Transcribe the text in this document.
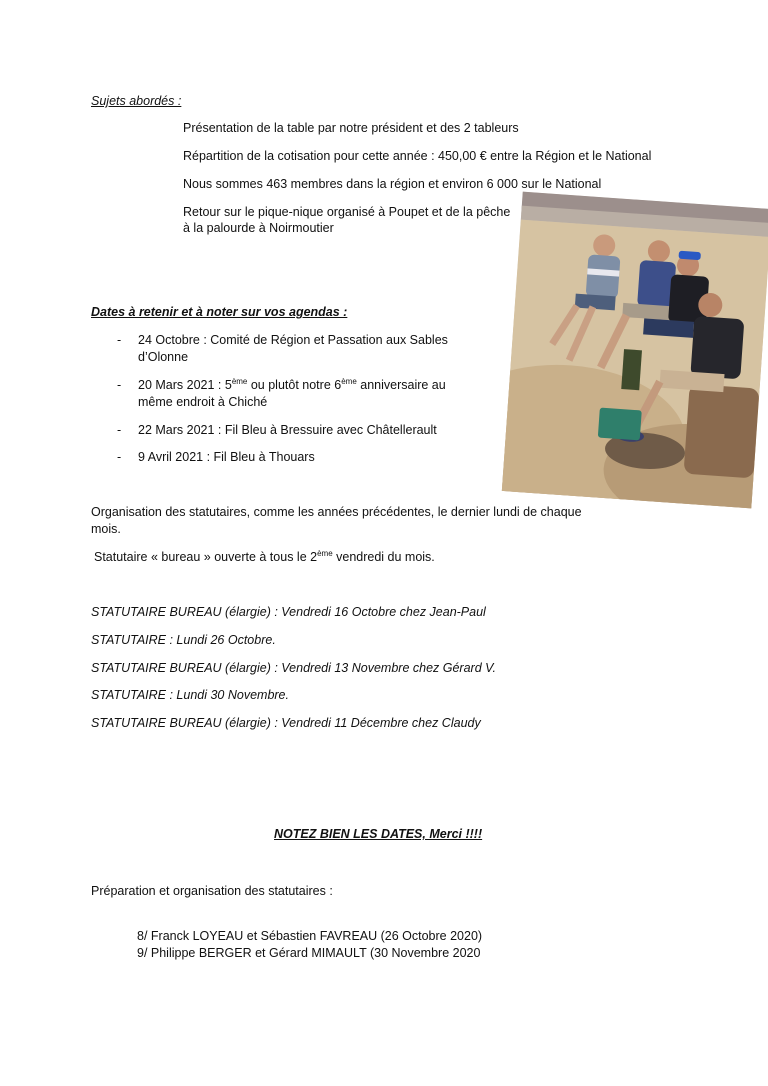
Sujets abordés :
Présentation de la table par notre président et des 2 tableurs
Répartition de la cotisation pour cette année : 450,00 € entre la Région et le National
Nous sommes 463 membres dans la région et environ 6 000 sur le National
Retour sur le pique-nique organisé à Poupet et de la pêche
à la palourde à Noirmoutier
Dates à retenir et à noter sur vos agendas :
- 24 Octobre : Comité de Région et Passation aux Sables
d’Olonne
- 20 Mars 2021 : 5ème ou plutôt notre 6ème anniversaire au
même endroit à Chiché
- 22 Mars 2021 : Fil Bleu à Bressuire avec Châtellerault
- 9 Avril 2021 : Fil Bleu à Thouars
Organisation des statutaires, comme les années précédentes, le dernier lundi de chaque
mois.
Statutaire « bureau » ouverte à tous le 2ème vendredi du mois.
STATUTAIRE BUREAU (élargie) : Vendredi 16 Octobre chez Jean-Paul
STATUTAIRE : Lundi 26 Octobre.
STATUTAIRE BUREAU (élargie) : Vendredi 13 Novembre chez Gérard V.
STATUTAIRE : Lundi 30 Novembre.
STATUTAIRE BUREAU (élargie) : Vendredi 11 Décembre chez Claudy
NOTEZ BIEN LES DATES, Merci !!!!
Préparation et organisation des statutaires :
8/ Franck LOYEAU et Sébastien FAVREAU (26 Octobre 2020)
9/ Philippe BERGER et Gérard MIMAULT (30 Novembre 2020
